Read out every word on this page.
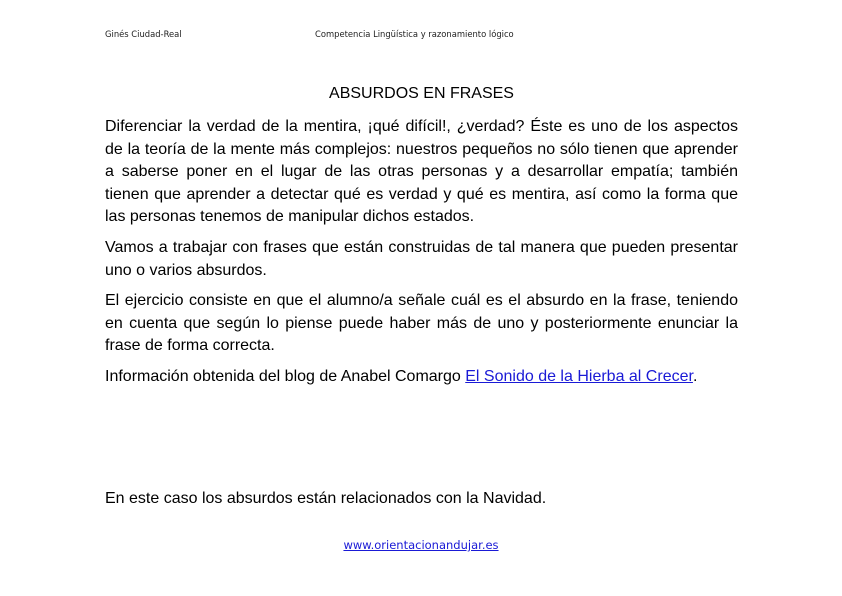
Ginés Ciudad-Real	Competencia Lingüística y razonamiento lógico
ABSURDOS EN FRASES

Diferenciar la verdad de la mentira, ¡qué difícil!, ¿verdad? Éste es uno de los aspectos de la teoría de la mente más complejos: nuestros pequeños no sólo tienen que aprender a saberse poner en el lugar de las otras personas y a desarrollar empatía; también tienen que aprender a detectar qué es verdad y qué es mentira, así como la forma que las personas tenemos de manipular dichos estados.

Vamos a trabajar con frases que están construidas de tal manera que pueden presentar uno o varios absurdos.

El ejercicio consiste en que el alumno/a señale cuál es el absurdo en la frase, teniendo en cuenta que según lo piense puede haber más de uno y posteriormente enunciar la frase de forma correcta.

Información obtenida del blog de Anabel Comargo El Sonido de la Hierba al Crecer.

En este caso los absurdos están relacionados con la Navidad.
www.orientacionandujar.es
